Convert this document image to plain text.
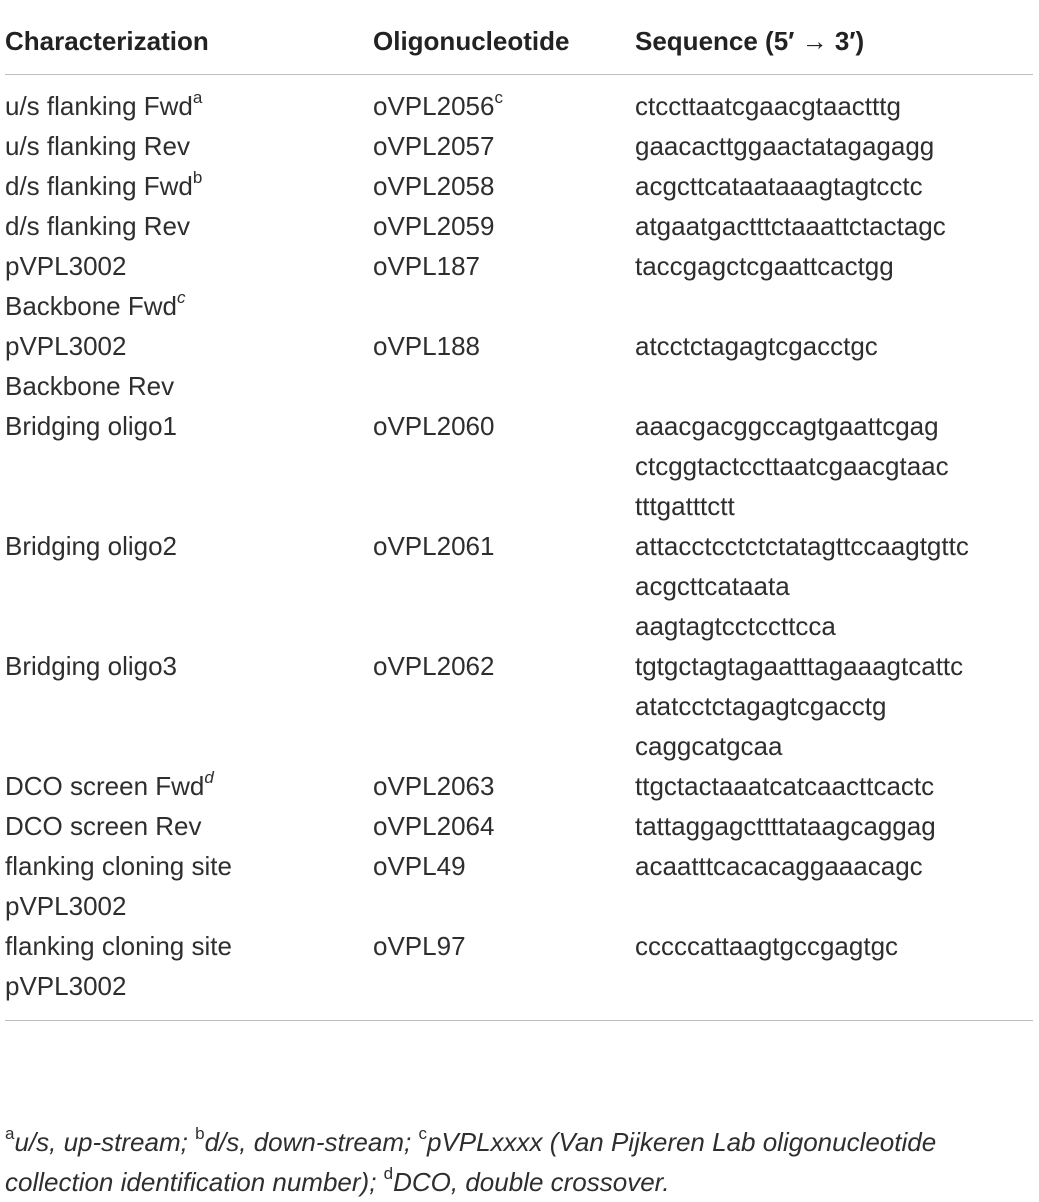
Characterization	Oligonucleotide	Sequence (5′ → 3′)

u/s flanking Fwd$^a$	oVPL2056$^c$	ctccttaatcgaacgtaactttg

u/s flanking Rev	oVPL2057	gaacacttggaactatagagagg

d/s flanking Fwd$^b$	oVPL2058	acgcttcataataaagtagtcctc

d/s flanking Rev	oVPL2059	atgaatgactttctaaattctactagc

pVPL3002
Backbone Fwd$^c$	oVPL187	taccgagctcgaattcactgg

pVPL3002
Backbone Rev	oVPL188	atcctctagagtcgacctgc

Bridging oligo1	oVPL2060	aaacgacggccagtgaattcgag
ctcggtactccttaatcgaacgtaac
tttgatttctt

Bridging oligo2	oVPL2061	attacctcctctctatagttccaagtgttc
acgcttcataata
aagtagtcctccttcca

Bridging oligo3	oVPL2062	tgtgctagtagaatttagaaagtcattc
atatcctctagagtcgacctg
caggcatgcaa

DCO screen Fwd$^d$	oVPL2063	ttgctactaaatcatcaacttcactc

DCO screen Rev	oVPL2064	tattaggagcttttataagcaggag

flanking cloning site
pVPL3002	oVPL49	acaatttcacacaggaaacagc

flanking cloning site
pVPL3002	oVPL97	cccccattaagtgccgagtgc
$^a$u/s, up-stream; $^b$d/s, down-stream; $^c$pVPLxxxx (Van Pijkeren Lab oligonucleotide collection identification number); $^d$DCO, double crossover.
